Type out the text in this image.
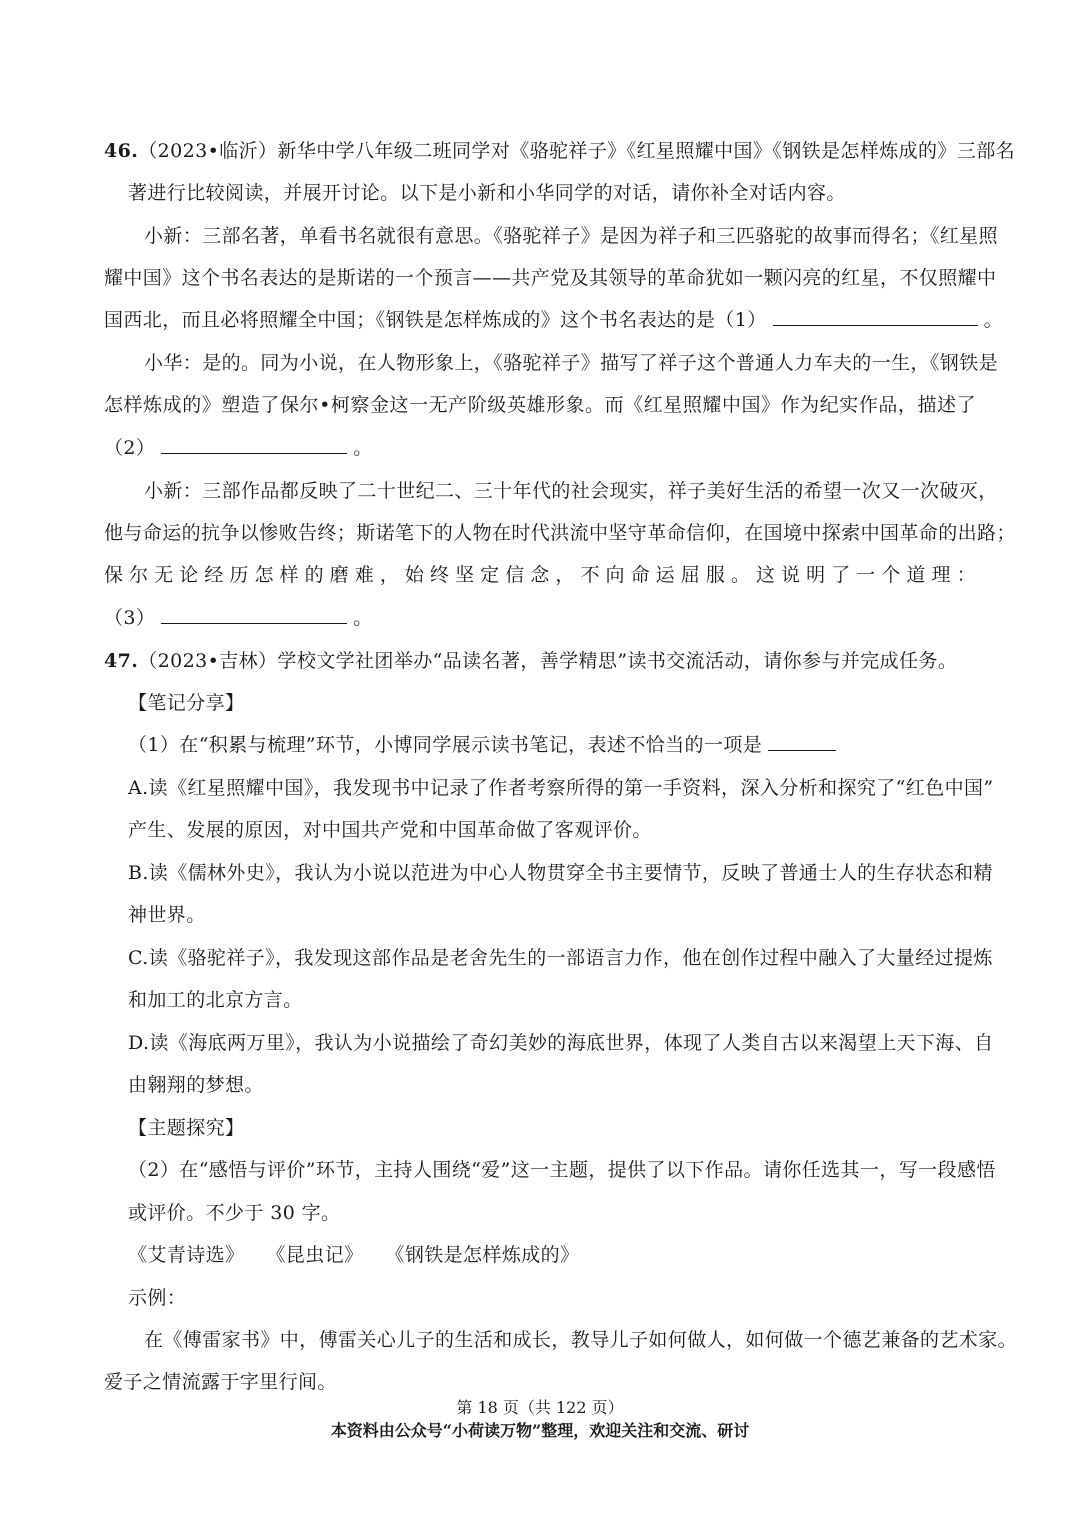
46.（2023•临沂）新华中学八年级二班同学对《骆驼祥子》《红星照耀中国》《钢铁是怎样炼成的》三部名
著进行比较阅读，并展开讨论。以下是小新和小华同学的对话，请你补全对话内容。
小新：三部名著，单看书名就很有意思。《骆驼祥子》是因为祥子和三匹骆驼的故事而得名；《红星照
耀中国》这个书名表达的是斯诺的一个预言——共产党及其领导的革命犹如一颗闪亮的红星，不仅照耀中
国西北，而且必将照耀全中国；《钢铁是怎样炼成的》这个书名表达的是（1）	。
小华：是的。同为小说，在人物形象上，《骆驼祥子》描写了祥子这个普通人力车夫的一生，《钢铁是
怎样炼成的》塑造了保尔•柯察金这一无产阶级英雄形象。而《红星照耀中国》作为纪实作品，描述了
（2）	。
小新：三部作品都反映了二十世纪二、三十年代的社会现实，祥子美好生活的希望一次又一次破灭，
他与命运的抗争以惨败告终；斯诺笔下的人物在时代洪流中坚守革命信仰，在国境中探索中国革命的出路；
保尔无论经历怎样的磨难，始终坚定信念，不向命运屈服。这说明了一个道理：
（3）	。
47.（2023•吉林）学校文学社团举办“品读名著，善学精思”读书交流活动，请你参与并完成任务。
【笔记分享】
（1）在“积累与梳理”环节，小博同学展示读书笔记，表述不恰当的一项是
A.读《红星照耀中国》，我发现书中记录了作者考察所得的第一手资料，深入分析和探究了“红色中国”
产生、发展的原因，对中国共产党和中国革命做了客观评价。
B.读《儒林外史》，我认为小说以范进为中心人物贯穿全书主要情节，反映了普通士人的生存状态和精
神世界。
C.读《骆驼祥子》，我发现这部作品是老舍先生的一部语言力作，他在创作过程中融入了大量经过提炼
和加工的北京方言。
D.读《海底两万里》，我认为小说描绘了奇幻美妙的海底世界，体现了人类自古以来渴望上天下海、自
由翱翔的梦想。
【主题探究】
（2）在“感悟与评价”环节，主持人围绕“爱”这一主题，提供了以下作品。请你任选其一，写一段感悟
或评价。不少于 30 字。
《艾青诗选》 《昆虫记》 《钢铁是怎样炼成的》
示例：
在《傅雷家书》中，傅雷关心儿子的生活和成长，教导儿子如何做人，如何做一个德艺兼备的艺术家。
爱子之情流露于字里行间。
第 18 页（共 122 页）
本资料由公众号“小荷读万物”整理，欢迎关注和交流、研讨
